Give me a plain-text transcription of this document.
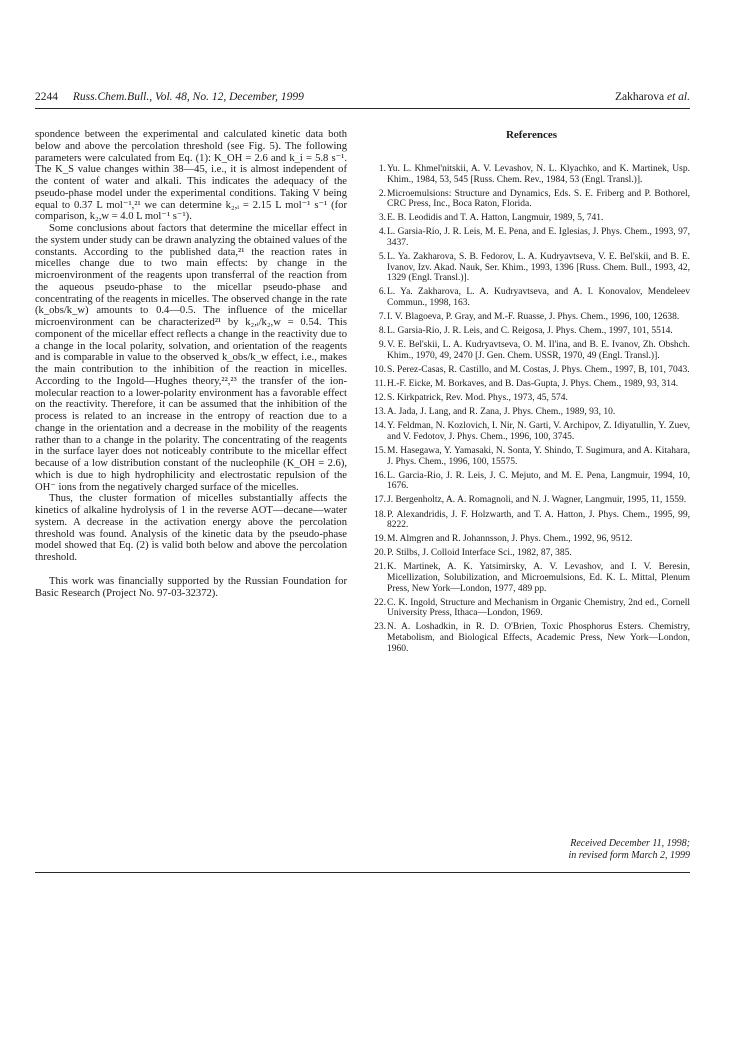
2244 Russ.Chem.Bull., Vol. 48, No. 12, December, 1999	Zakharova et al.

spondence between the experimental and calculated kinetic data both below and above the percolation threshold (see Fig. 5). The following parameters were calculated from Eq. (1): K_OH = 2.6 and k_i = 5.8 s⁻¹. The K_S value changes within 38—45, i.e., it is almost independent of the content of water and alkali. This indicates the adequacy of the pseudo-phase model under the experimental conditions. Taking V being equal to 0.37 L mol⁻¹,²¹ we can determine k₂,ᵢ = 2.15 L mol⁻¹ s⁻¹ (for comparison, k₂,w = 4.0 L mol⁻¹ s⁻¹).

Some conclusions about factors that determine the micellar effect in the system under study can be drawn analyzing the obtained values of the constants. According to the published data,²¹ the reaction rates in micelles change due to two main effects: by change in the microenvironment of the reagents upon transferral of the reaction from the aqueous pseudo-phase to the micellar pseudo-phase and concentrating of the reagents in micelles. The observed change in the rate (k_obs/k_w) amounts to 0.4—0.5. The influence of the micellar microenvironment can be characterized²¹ by k₂,ᵢ/k₂,w = 0.54. This component of the micellar effect reflects a change in the reactivity due to a change in the local polarity, solvation, and orientation of the reagents and is comparable in value to the observed k_obs/k_w effect, i.e., makes the main contribution to the inhibition of the reaction in micelles. According to the Ingold—Hughes theory,²²,²³ the transfer of the ion-molecular reaction to a lower-polarity environment has a favorable effect on the reactivity. Therefore, it can be assumed that the inhibition of the process is related to an increase in the entropy of reaction due to a change in the orientation and a decrease in the mobility of the reagents rather than to a change in the polarity. The concentrating of the reagents in the surface layer does not noticeably contribute to the micellar effect because of a low distribution constant of the nucleophile (K_OH = 2.6), which is due to high hydrophilicity and electrostatic repulsion of the OH⁻ ions from the negatively charged surface of the micelles.

Thus, the cluster formation of micelles substantially affects the kinetics of alkaline hydrolysis of 1 in the reverse AOT—decane—water system. A decrease in the activation energy above the percolation threshold was found. Analysis of the kinetic data by the pseudo-phase model showed that Eq. (2) is valid both below and above the percolation threshold.

This work was financially supported by the Russian Foundation for Basic Research (Project No. 97-03-32372).

References
1. Yu. L. Khmel'nitskii, A. V. Levashov, N. L. Klyachko, and K. Martinek, Usp. Khim., 1984, 53, 545 [Russ. Chem. Rev., 1984, 53 (Engl. Transl.)].
2. Microemulsions: Structure and Dynamics, Eds. S. E. Friberg and P. Bothorel, CRC Press, Inc., Boca Raton, Florida.
3. E. B. Leodidis and T. A. Hatton, Langmuir, 1989, 5, 741.
4. L. Garsia-Rio, J. R. Leis, M. E. Pena, and E. Iglesias, J. Phys. Chem., 1993, 97, 3437.
5. L. Ya. Zakharova, S. B. Fedorov, L. A. Kudryavtseva, V. E. Bel'skii, and B. E. Ivanov, Izv. Akad. Nauk, Ser. Khim., 1993, 1396 [Russ. Chem. Bull., 1993, 42, 1329 (Engl. Transl.)].
6. L. Ya. Zakharova, L. A. Kudryavtseva, and A. I. Konovalov, Mendeleev Commun., 1998, 163.
7. I. V. Blagoeva, P. Gray, and M.-F. Ruasse, J. Phys. Chem., 1996, 100, 12638.
8. L. Garsia-Rio, J. R. Leis, and C. Reigosa, J. Phys. Chem., 1997, 101, 5514.
9. V. E. Bel'skii, L. A. Kudryavtseva, O. M. Il'ina, and B. E. Ivanov, Zh. Obshch. Khim., 1970, 49, 2470 [J. Gen. Chem. USSR, 1970, 49 (Engl. Transl.)].
10. S. Perez-Casas, R. Castillo, and M. Costas, J. Phys. Chem., 1997, B, 101, 7043.
11. H.-F. Eicke, M. Borkaves, and B. Das-Gupta, J. Phys. Chem., 1989, 93, 314.
12. S. Kirkpatrick, Rev. Mod. Phys., 1973, 45, 574.
13. A. Jada, J. Lang, and R. Zana, J. Phys. Chem., 1989, 93, 10.
14. Y. Feldman, N. Kozlovich, I. Nir, N. Garti, V. Archipov, Z. Idiyatullin, Y. Zuev, and V. Fedotov, J. Phys. Chem., 1996, 100, 3745.
15. M. Hasegawa, Y. Yamasaki, N. Sonta, Y. Shindo, T. Sugimura, and A. Kitahara, J. Phys. Chem., 1996, 100, 15575.
16. L. Garcia-Rio, J. R. Leis, J. C. Mejuto, and M. E. Pena, Langmuir, 1994, 10, 1676.
17. J. Bergenholtz, A. A. Romagnoli, and N. J. Wagner, Langmuir, 1995, 11, 1559.
18. P. Alexandridis, J. F. Holzwarth, and T. A. Hatton, J. Phys. Chem., 1995, 99, 8222.
19. M. Almgren and R. Johannsson, J. Phys. Chem., 1992, 96, 9512.
20. P. Stilbs, J. Colloid Interface Sci., 1982, 87, 385.
21. K. Martinek, A. K. Yatsimirsky, A. V. Levashov, and I. V. Beresin, Micellization, Solubilization, and Microemulsions, Ed. K. L. Mittal, Plenum Press, New York—London, 1977, 489 pp.
22. C. K. Ingold, Structure and Mechanism in Organic Chemistry, 2nd ed., Cornell University Press, Ithaca—London, 1969.
23. N. A. Loshadkin, in R. D. O'Brien, Toxic Phosphorus Esters. Chemistry, Metabolism, and Biological Effects, Academic Press, New York—London, 1960.
Received December 11, 1998;
in revised form March 2, 1999
